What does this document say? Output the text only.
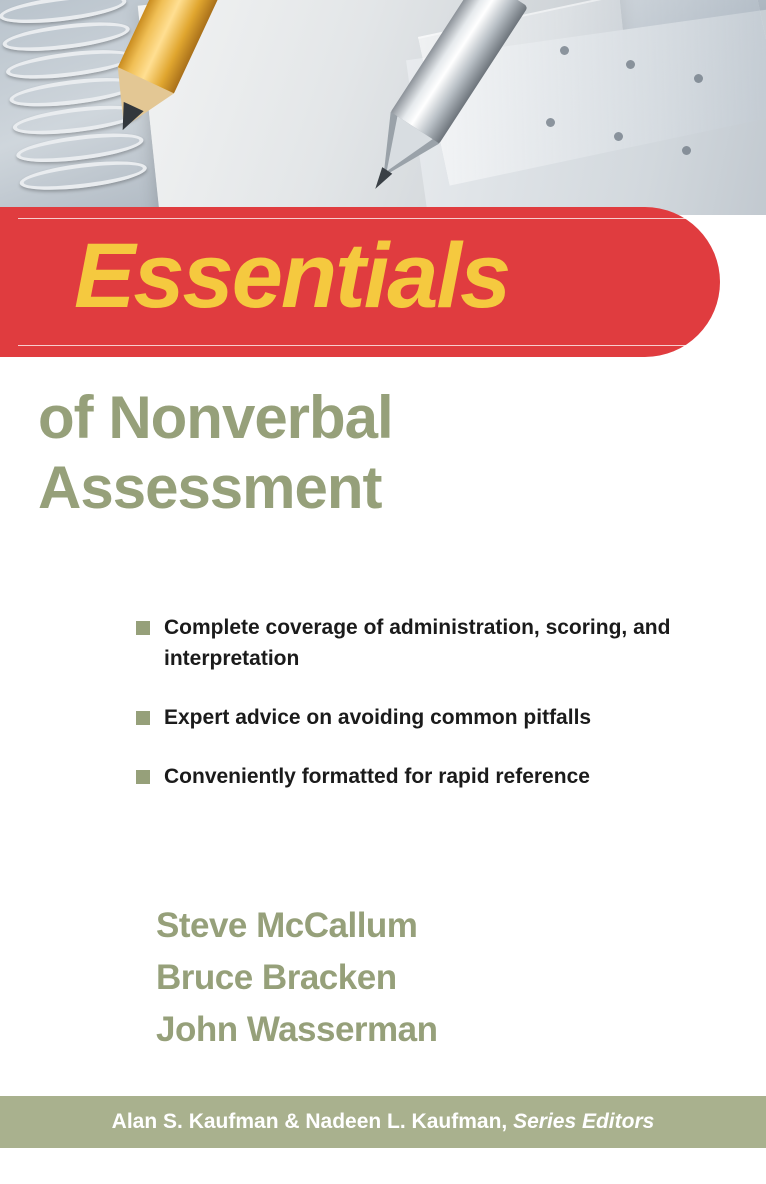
Essentials
of Nonverbal
Assessment
Complete coverage of administration, scoring, and interpretation
Expert advice on avoiding common pitfalls
Conveniently formatted for rapid reference
Steve McCallum
Bruce Bracken
John Wasserman
Alan S. Kaufman & Nadeen L. Kaufman, Series Editors
